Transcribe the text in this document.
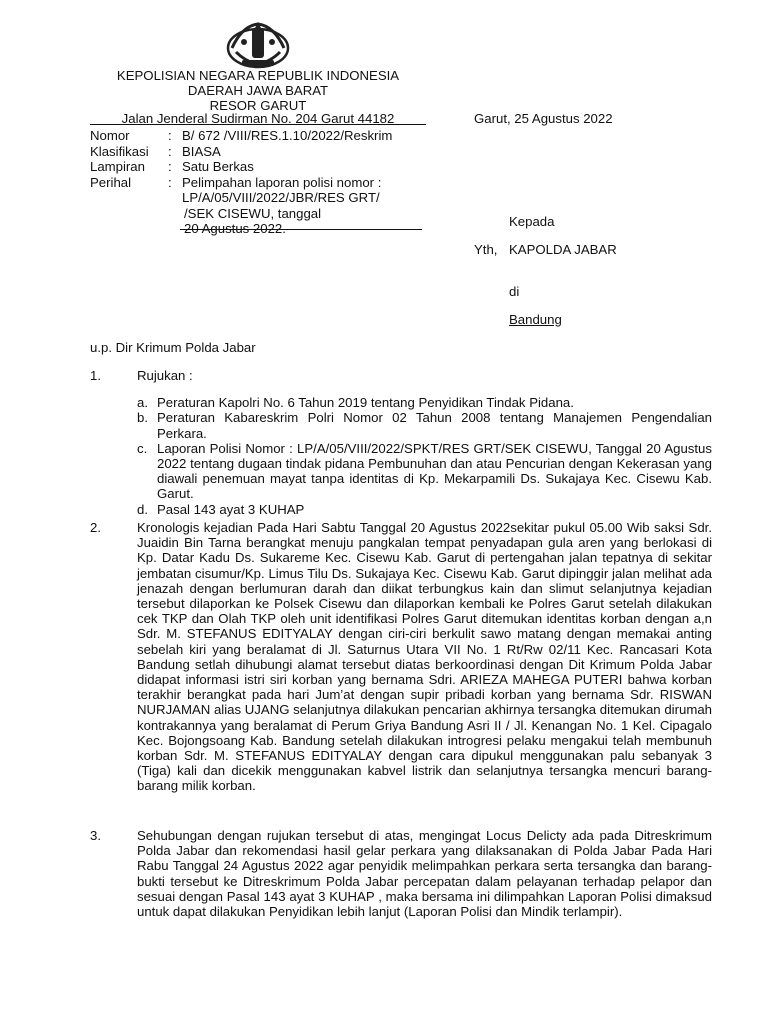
KEPOLISIAN NEGARA REPUBLIK INDONESIA
DAERAH JAWA BARAT
RESOR GARUT
Jalan Jenderal Sudirman No. 204 Garut 44182	Garut, 25 Agustus 2022
Nomor	: B/ 672 /VIII/RES.1.10/2022/Reskrim
Klasifikasi	: BIASA
Lampiran	: Satu Berkas
Perihal	: Pelimpahan laporan polisi nomor :
LP/A/05/VIII/2022/JBR/RES GRT/
/SEK CISEWU, tanggal
20 Agustus 2022.	Kepada
Yth, KAPOLDA JABAR
di
Bandung
u.p. Dir Krimum Polda Jabar
1.	Rujukan :
a. Peraturan Kapolri No. 6 Tahun 2019 tentang Penyidikan Tindak Pidana.
b. Peraturan Kabareskrim Polri Nomor 02 Tahun 2008 tentang Manajemen Pengendalian Perkara.
c. Laporan Polisi Nomor : LP/A/05/VIII/2022/SPKT/RES GRT/SEK CISEWU, Tanggal 20 Agustus 2022 tentang dugaan tindak pidana Pembunuhan dan atau Pencurian dengan Kekerasan yang diawali penemuan mayat tanpa identitas di Kp. Mekarpamili Ds. Sukajaya Kec. Cisewu Kab. Garut.
d. Pasal 143 ayat 3 KUHAP
2.	Kronologis kejadian Pada Hari Sabtu Tanggal 20 Agustus 2022sekitar pukul 05.00 Wib saksi Sdr. Juaidin Bin Tarna berangkat menuju pangkalan tempat penyadapan gula aren yang berlokasi di Kp. Datar Kadu Ds. Sukareme Kec. Cisewu Kab. Garut di pertengahan jalan tepatnya di sekitar jembatan cisumur/Kp. Limus Tilu Ds. Sukajaya Kec. Cisewu Kab. Garut dipinggir jalan melihat ada jenazah dengan berlumuran darah dan diikat terbungkus kain dan slimut selanjutnya kejadian tersebut dilaporkan ke Polsek Cisewu dan dilaporkan kembali ke Polres Garut setelah dilakukan cek TKP dan Olah TKP oleh unit identifikasi Polres Garut ditemukan identitas korban dengan a,n Sdr. M. STEFANUS EDITYALAY dengan ciri-ciri berkulit sawo matang dengan memakai anting sebelah kiri yang beralamat di Jl. Saturnus Utara VII No. 1 Rt/Rw 02/11 Kec. Rancasari Kota Bandung setlah dihubungi alamat tersebut diatas berkoordinasi dengan Dit Krimum Polda Jabar didapat informasi istri siri korban yang bernama Sdri. ARIEZA MAHEGA PUTERI bahwa korban terakhir berangkat pada hari Jum’at dengan supir pribadi korban yang bernama Sdr. RISWAN NURJAMAN alias UJANG selanjutnya dilakukan pencarian akhirnya tersangka ditemukan dirumah kontrakannya yang beralamat di Perum Griya Bandung Asri II / Jl. Kenangan No. 1 Kel. Cipagalo Kec. Bojongsoang Kab. Bandung setelah dilakukan introgresi pelaku mengakui telah membunuh korban Sdr. M. STEFANUS EDITYALAY dengan cara dipukul menggunakan palu sebanyak 3 (Tiga) kali dan dicekik menggunakan kabvel listrik dan selanjutnya tersangka mencuri barang-barang milik korban.
3.	Sehubungan dengan rujukan tersebut di atas, mengingat Locus Delicty ada pada Ditreskrimum Polda Jabar dan rekomendasi hasil gelar perkara yang dilaksanakan di Polda Jabar Pada Hari Rabu Tanggal 24 Agustus 2022 agar penyidik melimpahkan perkara serta tersangka dan barang-bukti tersebut ke Ditreskrimum Polda Jabar percepatan dalam pelayanan terhadap pelapor dan sesuai dengan Pasal 143 ayat 3 KUHAP , maka bersama ini dilimpahkan Laporan Polisi dimaksud untuk dapat dilakukan Penyidikan lebih lanjut (Laporan Polisi dan Mindik terlampir).
